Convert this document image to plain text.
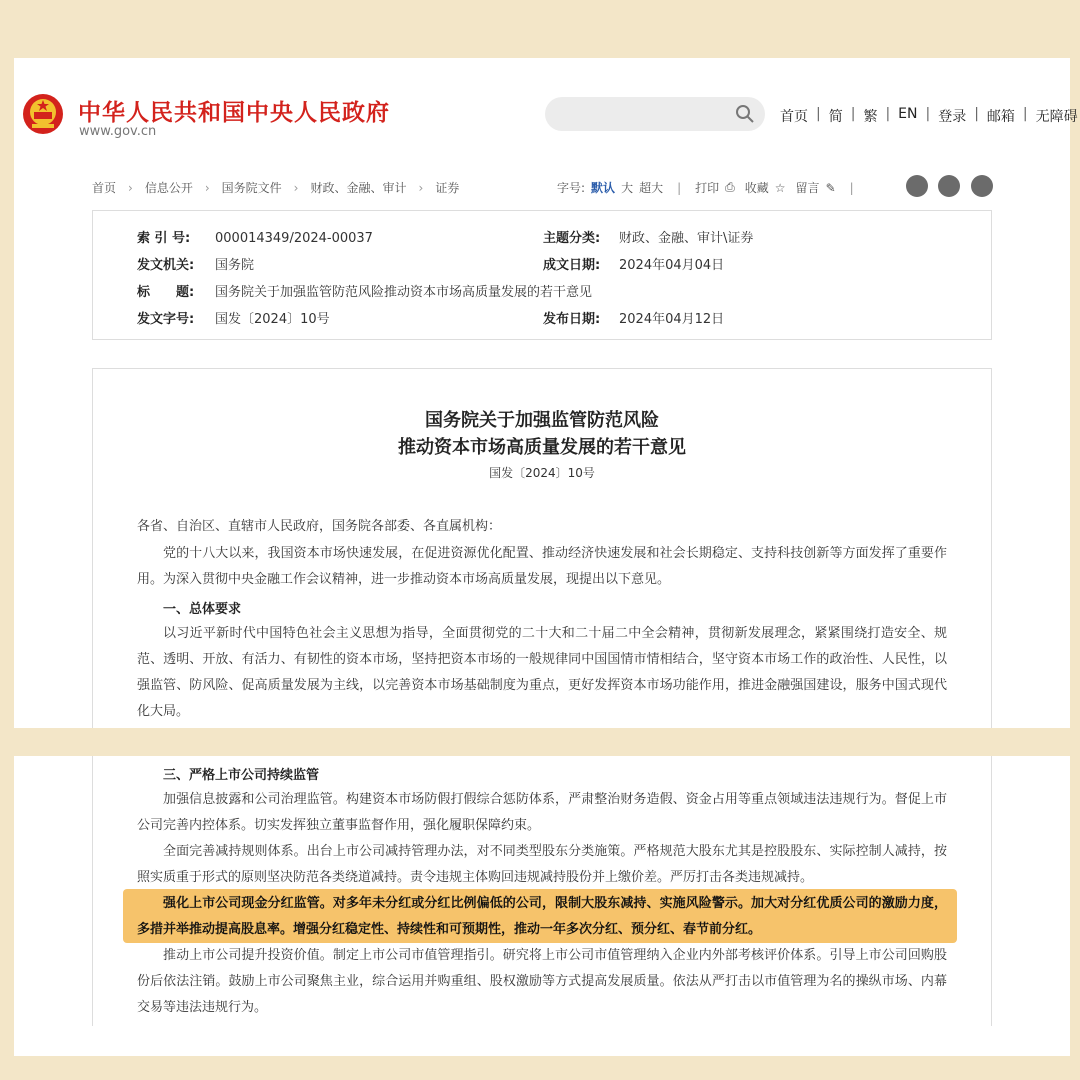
中华人民共和国中央人民政府
www.gov.cn
首页 | 简 | 繁 | EN | 登录 | 邮箱 | 无障碍
首页 › 信息公开 › 国务院文件 › 财政、金融、审计 › 证券	字号: 默认 大 超大 | 打印 ⎙ 收藏 ☆ 留言 ✎ |
索 引 号: 000014349/2024-00037	主题分类: 财政、金融、审计\证券
发文机关: 国务院	成文日期: 2024年04月04日
标　　题: 国务院关于加强监管防范风险推动资本市场高质量发展的若干意见
发文字号: 国发〔2024〕10号	发布日期: 2024年04月12日
国务院关于加强监管防范风险
推动资本市场高质量发展的若干意见
国发〔2024〕10号
各省、自治区、直辖市人民政府，国务院各部委、各直属机构：
党的十八大以来，我国资本市场快速发展，在促进资源优化配置、推动经济快速发展和社会长期稳定、支持科技创新等方面发挥了重要作用。为深入贯彻中央金融工作会议精神，进一步推动资本市场高质量发展，现提出以下意见。
一、总体要求
以习近平新时代中国特色社会主义思想为指导，全面贯彻党的二十大和二十届二中全会精神，贯彻新发展理念，紧紧围绕打造安全、规范、透明、开放、有活力、有韧性的资本市场，坚持把资本市场的一般规律同中国国情市情相结合，坚守资本市场工作的政治性、人民性，以强监管、防风险、促高质量发展为主线，以完善资本市场基础制度为重点，更好发挥资本市场功能作用，推进金融强国建设，服务中国式现代化大局。
三、严格上市公司持续监管
加强信息披露和公司治理监管。构建资本市场防假打假综合惩防体系，严肃整治财务造假、资金占用等重点领域违法违规行为。督促上市公司完善内控体系。切实发挥独立董事监督作用，强化履职保障约束。
全面完善减持规则体系。出台上市公司减持管理办法，对不同类型股东分类施策。严格规范大股东尤其是控股股东、实际控制人减持，按照实质重于形式的原则坚决防范各类绕道减持。责令违规主体购回违规减持股份并上缴价差。严厉打击各类违规减持。
强化上市公司现金分红监管。对多年未分红或分红比例偏低的公司，限制大股东减持、实施风险警示。加大对分红优质公司的激励力度，多措并举推动提高股息率。增强分红稳定性、持续性和可预期性，推动一年多次分红、预分红、春节前分红。
推动上市公司提升投资价值。制定上市公司市值管理指引。研究将上市公司市值管理纳入企业内外部考核评价体系。引导上市公司回购股份后依法注销。鼓励上市公司聚焦主业，综合运用并购重组、股权激励等方式提高发展质量。依法从严打击以市值管理为名的操纵市场、内幕交易等违法违规行为。
